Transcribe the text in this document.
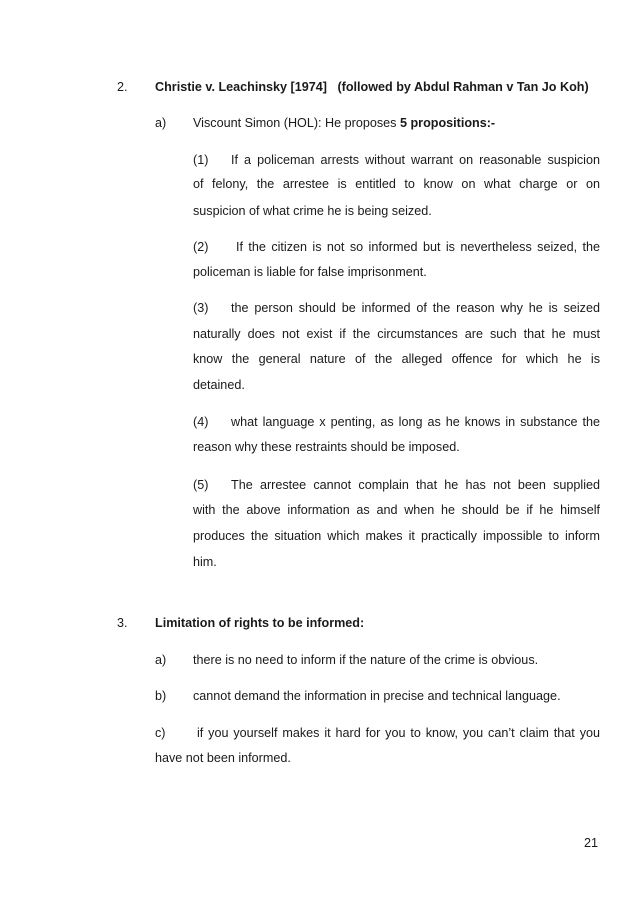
2. Christie v. Leachinsky [1974] (followed by Abdul Rahman v Tan Jo Koh)
a) Viscount Simon (HOL): He proposes 5 propositions:-
(1) If a policeman arrests without warrant on reasonable suspicion
of felony, the arrestee is entitled to know on what charge or on
suspicion of what crime he is being seized.
(2) If the citizen is not so informed but is nevertheless seized, the
policeman is liable for false imprisonment.
(3) the person should be informed of the reason why he is seized
naturally does not exist if the circumstances are such that he must
know the general nature of the alleged offence for which he is
detained.
(4) what language x penting, as long as he knows in substance the
reason why these restraints should be imposed.
(5) The arrestee cannot complain that he has not been supplied
with the above information as and when he should be if he himself
produces the situation which makes it practically impossible to inform
him.
3. Limitation of rights to be informed:
a) there is no need to inform if the nature of the crime is obvious.
b) cannot demand the information in precise and technical language.
c)	if you yourself makes it hard for you to know, you can’t claim that you
have not been informed.
21
